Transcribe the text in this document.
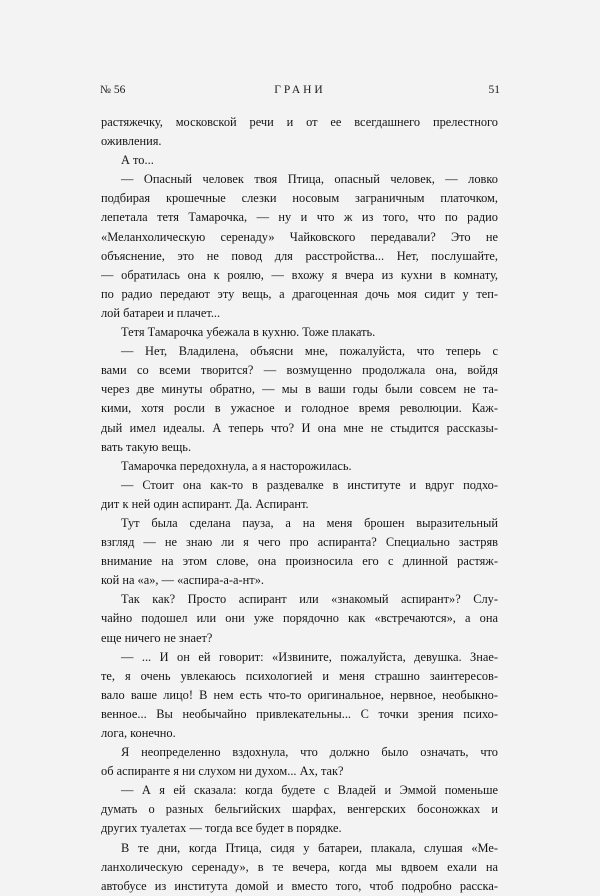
№ 56	ГРАНИ	51
растяжечку, московской речи и от ее всегдашнего прелестного
оживления.
А то...
— Опасный человек твоя Птица, опасный человек, — ловко
подбирая крошечные слезки носовым заграничным платочком,
лепетала тетя Тамарочка, — ну и что ж из того, что по радио
«Меланхолическую серенаду» Чайковского передавали? Это не
объяснение, это не повод для расстройства... Нет, послушайте,
— обратилась она к роялю, — вхожу я вчера из кухни в комнату,
по радио передают эту вещь, а драгоценная дочь моя сидит у теп-
лой батареи и плачет...
Тетя Тамарочка убежала в кухню. Тоже плакать.
— Нет, Владилена, объясни мне, пожалуйста, что теперь с
вами со всеми творится? — возмущенно продолжала она, войдя
через две минуты обратно, — мы в ваши годы были совсем не та-
кими, хотя росли в ужасное и голодное время революции. Каж-
дый имел идеалы. А теперь что? И она мне не стыдится рассказы-
вать такую вещь.
Тамарочка передохнула, а я насторожилась.
— Стоит она как-то в раздевалке в институте и вдруг подхо-
дит к ней один аспирант. Да. Аспирант.
Тут была сделана пауза, а на меня брошен выразительный
взгляд — не знаю ли я чего про аспиранта? Специально застряв
внимание на этом слове, она произносила его с длинной растяж-
кой на «а», — «аспира-а-а-нт».
Так как? Просто аспирант или «знакомый аспирант»? Слу-
чайно подошел или они уже порядочно как «встречаются», а она
еще ничего не знает?
— ... И он ей говорит: «Извините, пожалуйста, девушка. Знае-
те, я очень увлекаюсь психологией и меня страшно заинтересов-
вало ваше лицо! В нем есть что-то оригинальное, нервное, необыкно-
венное... Вы необычайно привлекательны... С точки зрения психо-
лога, конечно.
Я неопределенно вздохнула, что должно было означать, что
об аспиранте я ни слухом ни духом... Ах, так?
— А я ей сказала: когда будете с Владей и Эммой поменьше
думать о разных бельгийских шарфах, венгерских босоножках и
других туалетах — тогда все будет в порядке.
В те дни, когда Птица, сидя у батареи, плакала, слушая «Ме-
ланхолическую серенаду», в те вечера, когда мы вдвоем ехали на
автобусе из института домой и вместо того, чтоб подробно расска-
